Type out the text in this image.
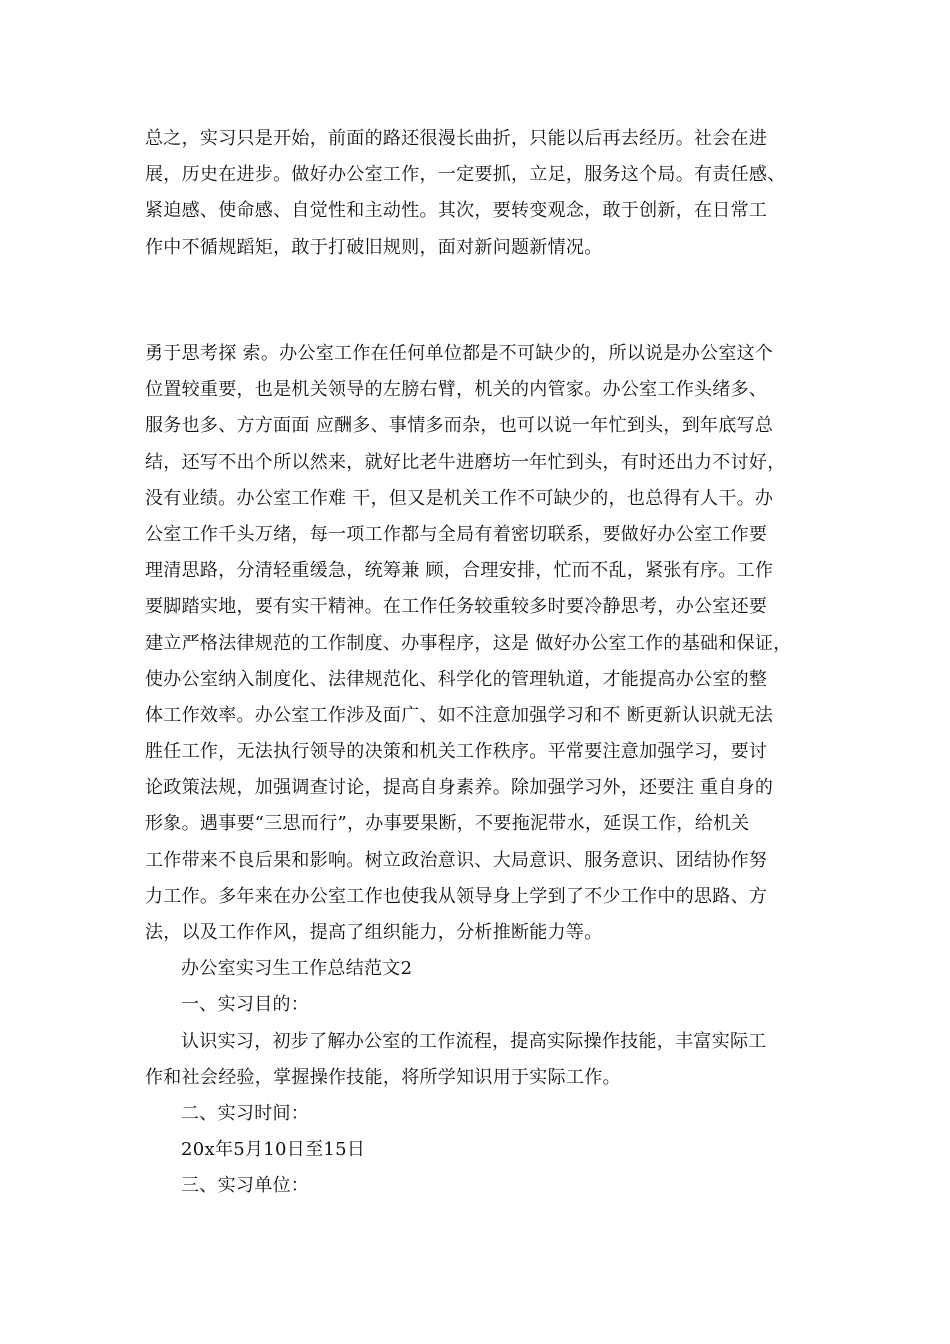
总之，实习只是开始，前面的路还很漫长曲折，只能以后再去经历。社会在进
展，历史在进步。做好办公室工作，一定要抓，立足，服务这个局。有责任感、
紧迫感、使命感、自觉性和主动性。其次，要转变观念，敢于创新，在日常工
作中不循规蹈矩，敢于打破旧规则，面对新问题新情况。
勇于思考探 索。办公室工作在任何单位都是不可缺少的，所以说是办公室这个
位置较重要，也是机关领导的左膀右臂，机关的内管家。办公室工作头绪多、
服务也多、方方面面 应酬多、事情多而杂，也可以说一年忙到头，到年底写总
结，还写不出个所以然来，就好比老牛进磨坊一年忙到头，有时还出力不讨好，
没有业绩。办公室工作难 干，但又是机关工作不可缺少的，也总得有人干。办
公室工作千头万绪，每一项工作都与全局有着密切联系，要做好办公室工作要
理清思路，分清轻重缓急，统筹兼 顾，合理安排，忙而不乱，紧张有序。工作
要脚踏实地，要有实干精神。在工作任务较重较多时要冷静思考，办公室还要
建立严格法律规范的工作制度、办事程序，这是 做好办公室工作的基础和保证，
使办公室纳入制度化、法律规范化、科学化的管理轨道，才能提高办公室的整
体工作效率。办公室工作涉及面广、如不注意加强学习和不 断更新认识就无法
胜任工作，无法执行领导的决策和机关工作秩序。平常要注意加强学习，要讨
论政策法规，加强调查讨论，提高自身素养。除加强学习外，还要注 重自身的
形象。遇事要“三思而行”，办事要果断，不要拖泥带水，延误工作，给机关
工作带来不良后果和影响。树立政治意识、大局意识、服务意识、团结协作努
力工作。多年来在办公室工作也使我从领导身上学到了不少工作中的思路、方
法，以及工作作风，提高了组织能力，分析推断能力等。
办公室实习生工作总结范文2
一、实习目的：
认识实习，初步了解办公室的工作流程，提高实际操作技能，丰富实际工
作和社会经验，掌握操作技能，将所学知识用于实际工作。
二、实习时间：
20x年5月10日至15日
三、实习单位：
